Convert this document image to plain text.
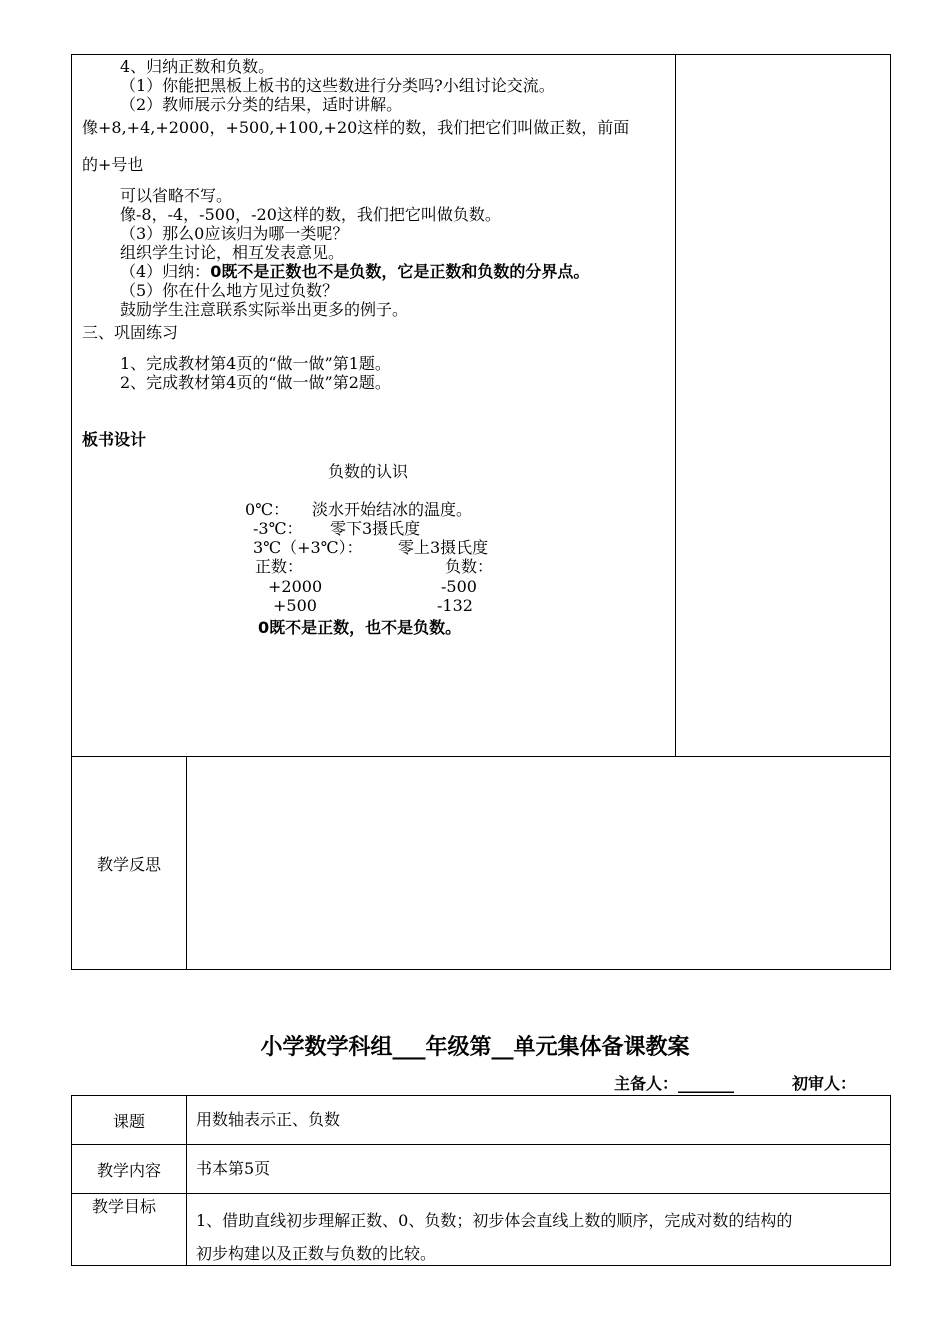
4、归纳正数和负数。
（1）你能把黑板上板书的这些数进行分类吗?小组讨论交流。
（2）教师展示分类的结果，适时讲解。
像+8,+4,+2000，+500,+100,+20这样的数，我们把它们叫做正数，前面
的+号也
可以省略不写。
像-8，-4，-500，-20这样的数，我们把它叫做负数。
（3）那么0应该归为哪一类呢？
组织学生讨论，相互发表意见。
（4）归纳：0既不是正数也不是负数，它是正数和负数的分界点。
（5）你在什么地方见过负数？
鼓励学生注意联系实际举出更多的例子。
三、巩固练习
1、完成教材第4页的“做一做”第1题。
2、完成教材第4页的“做一做”第2题。
板书设计
负数的认识
0℃： 淡水开始结冰的温度。
-3℃： 零下3摄氏度
3℃（+3℃）： 零上3摄氏度
正数：	负数：
+2000	-500
+500	-132
0既不是正数，也不是负数。
教学反思
小学数学科组___年级第__单元集体备课教案
主备人：_______	初审人：
课题	用数轴表示正、负数
教学内容 书本第5页
教学目标
1、借助直线初步理解正数、0、负数；初步体会直线上数的顺序，完成对数的结构的
初步构建以及正数与负数的比较。
